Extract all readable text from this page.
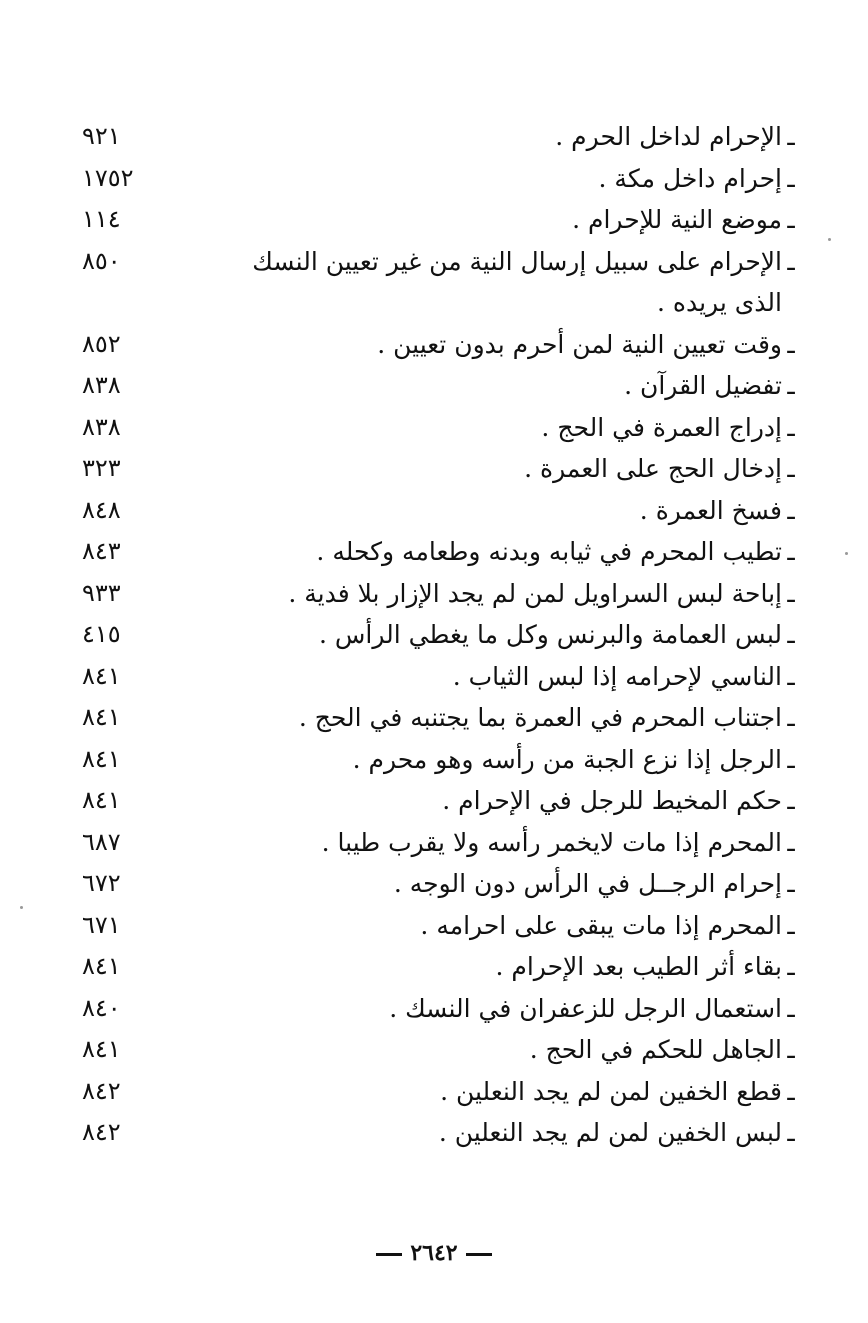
ـ
الإحرام لداخل الحرم .
٩٢١
ـ
إحرام داخل مكة .
١٧٥٢
ـ
موضع النية للإحرام .
١١٤
ـ
الإحرام على سبيل إرسال النية من غير تعيين النسك الذى يريده .
٨٥٠
ـ
وقت تعيين النية لمن أحرم بدون تعيين .
٨٥٢
ـ
تفضيل القرآن .
٨٣٨
ـ
إدراج العمرة في الحج .
٨٣٨
ـ
إدخال الحج على العمرة .
٣٢٣
ـ
فسخ العمرة .
٨٤٨
ـ
تطيب المحرم في ثيابه وبدنه وطعامه وكحله .
٨٤٣
ـ
إباحة لبس السراويل لمن لم يجد الإزار بلا فدية .
٩٣٣
ـ
لبس العمامة والبرنس وكل ما يغطي الرأس .
٤١٥
ـ
الناسي لإحرامه إذا لبس الثياب .
٨٤١
ـ
اجتناب المحرم في العمرة بما يجتنبه في الحج .
٨٤١
ـ
الرجل إذا نزع الجبة من رأسه وهو محرم .
٨٤١
ـ
حكم المخيط للرجل في الإحرام .
٨٤١
ـ
المحرم إذا مات لايخمر رأسه ولا يقرب طيبا .
٦٨٧
ـ
إحرام الرجــل في الرأس دون الوجه .
٦٧٢
ـ
المحرم إذا مات يبقى على احرامه .
٦٧١
ـ
بقاء أثر الطيب بعد الإحرام .
٨٤١
ـ
استعمال الرجل للزعفران في النسك .
٨٤٠
ـ
الجاهل للحكم في الحج .
٨٤١
ـ
قطع الخفين لمن لم يجد النعلين .
٨٤٢
ـ
لبس الخفين لمن لم يجد النعلين .
٨٤٢
٢٦٤٢
